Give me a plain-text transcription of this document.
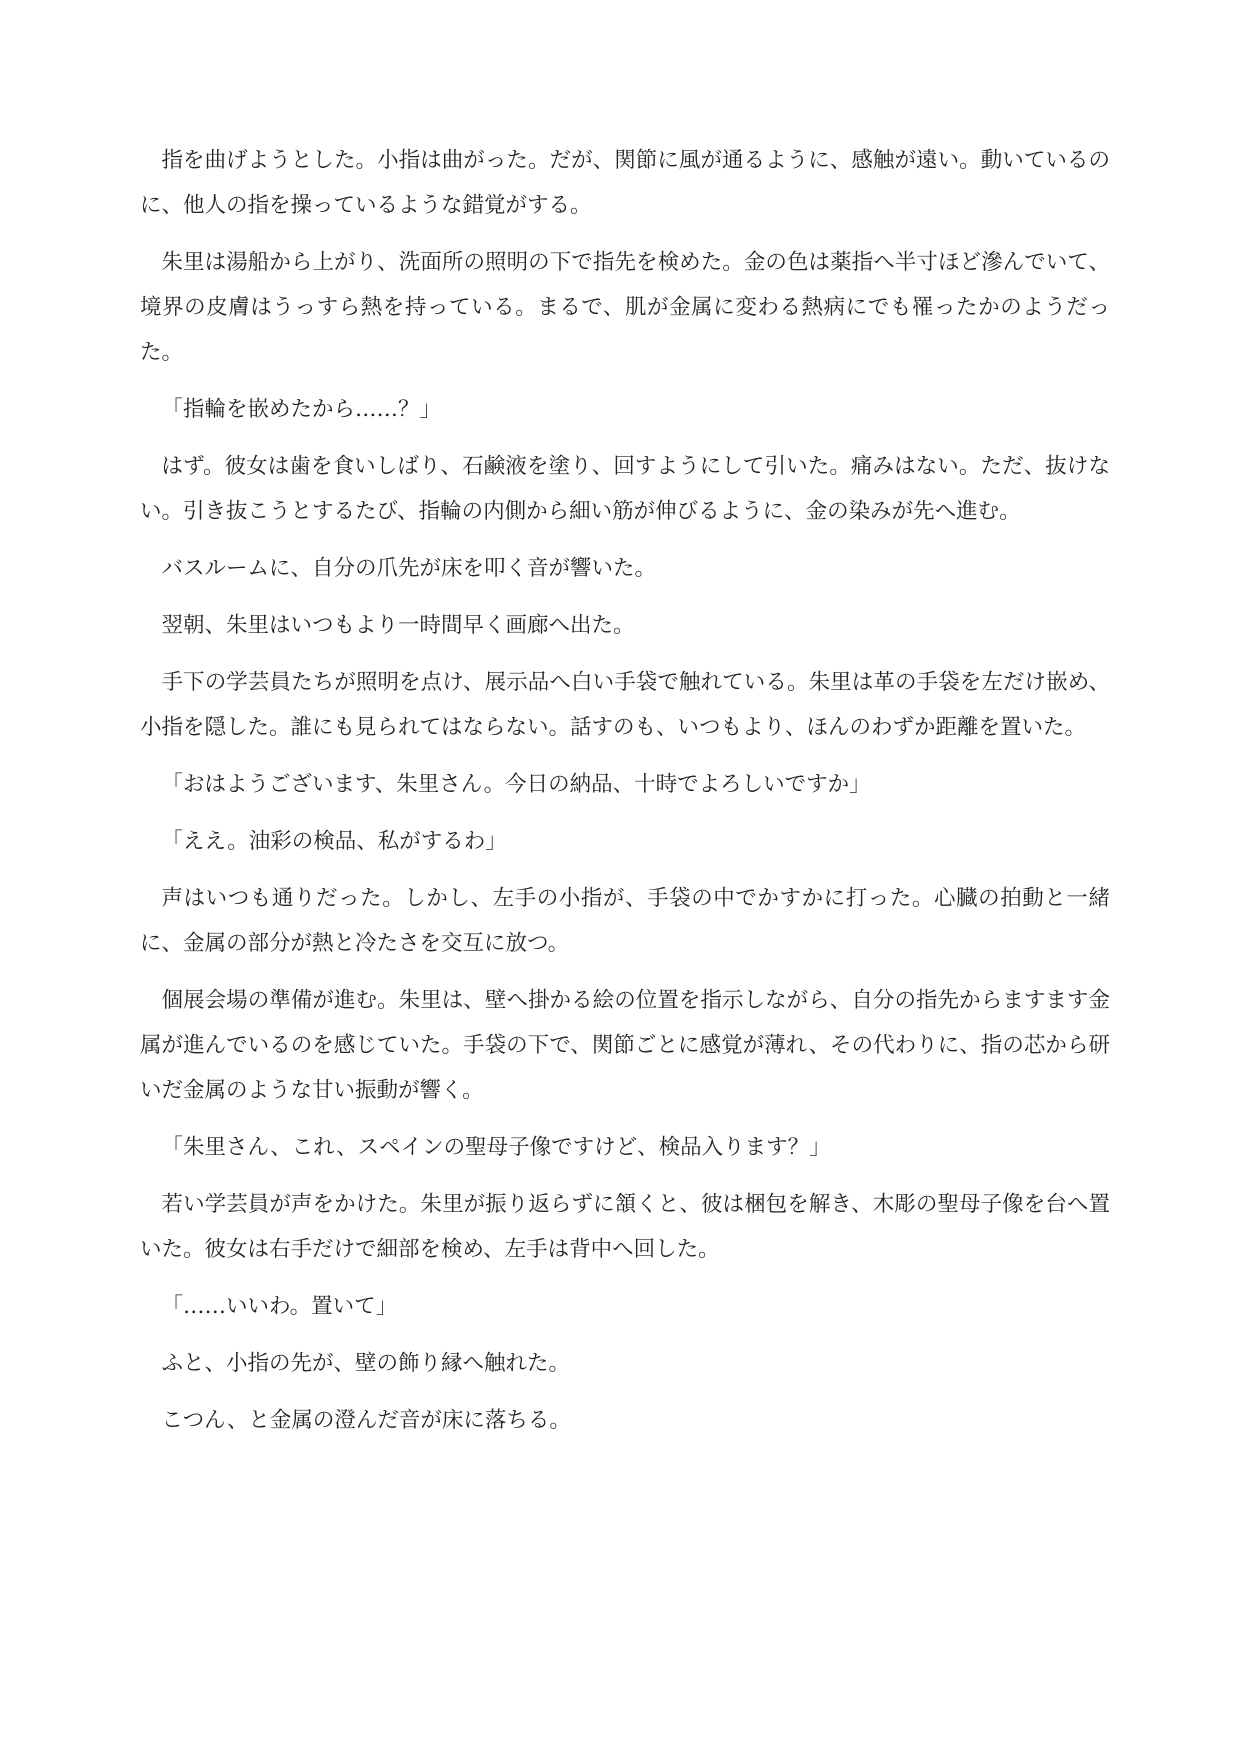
指を曲げようとした。小指は曲がった。だが、関節に風が通るように、感触が遠い。動いているのに、他人の指を操っているような錯覚がする。

朱里は湯船から上がり、洗面所の照明の下で指先を検めた。金の色は薬指へ半寸ほど滲んでいて、境界の皮膚はうっすら熱を持っている。まるで、肌が金属に変わる熱病にでも罹ったかのようだった。

「指輪を嵌めたから……？」

はず。彼女は歯を食いしばり、石鹸液を塗り、回すようにして引いた。痛みはない。ただ、抜けない。引き抜こうとするたび、指輪の内側から細い筋が伸びるように、金の染みが先へ進む。

バスルームに、自分の爪先が床を叩く音が響いた。

翌朝、朱里はいつもより一時間早く画廊へ出た。

手下の学芸員たちが照明を点け、展示品へ白い手袋で触れている。朱里は革の手袋を左だけ嵌め、小指を隠した。誰にも見られてはならない。話すのも、いつもより、ほんのわずか距離を置いた。

「おはようございます、朱里さん。今日の納品、十時でよろしいですか」

「ええ。油彩の検品、私がするわ」

声はいつも通りだった。しかし、左手の小指が、手袋の中でかすかに打った。心臓の拍動と一緒に、金属の部分が熱と冷たさを交互に放つ。

個展会場の準備が進む。朱里は、壁へ掛かる絵の位置を指示しながら、自分の指先からますます金属が進んでいるのを感じていた。手袋の下で、関節ごとに感覚が薄れ、その代わりに、指の芯から研いだ金属のような甘い振動が響く。

「朱里さん、これ、スペインの聖母子像ですけど、検品入ります？」

若い学芸員が声をかけた。朱里が振り返らずに頷くと、彼は梱包を解き、木彫の聖母子像を台へ置いた。彼女は右手だけで細部を検め、左手は背中へ回した。

「……いいわ。置いて」

ふと、小指の先が、壁の飾り縁へ触れた。

こつん、と金属の澄んだ音が床に落ちる。
